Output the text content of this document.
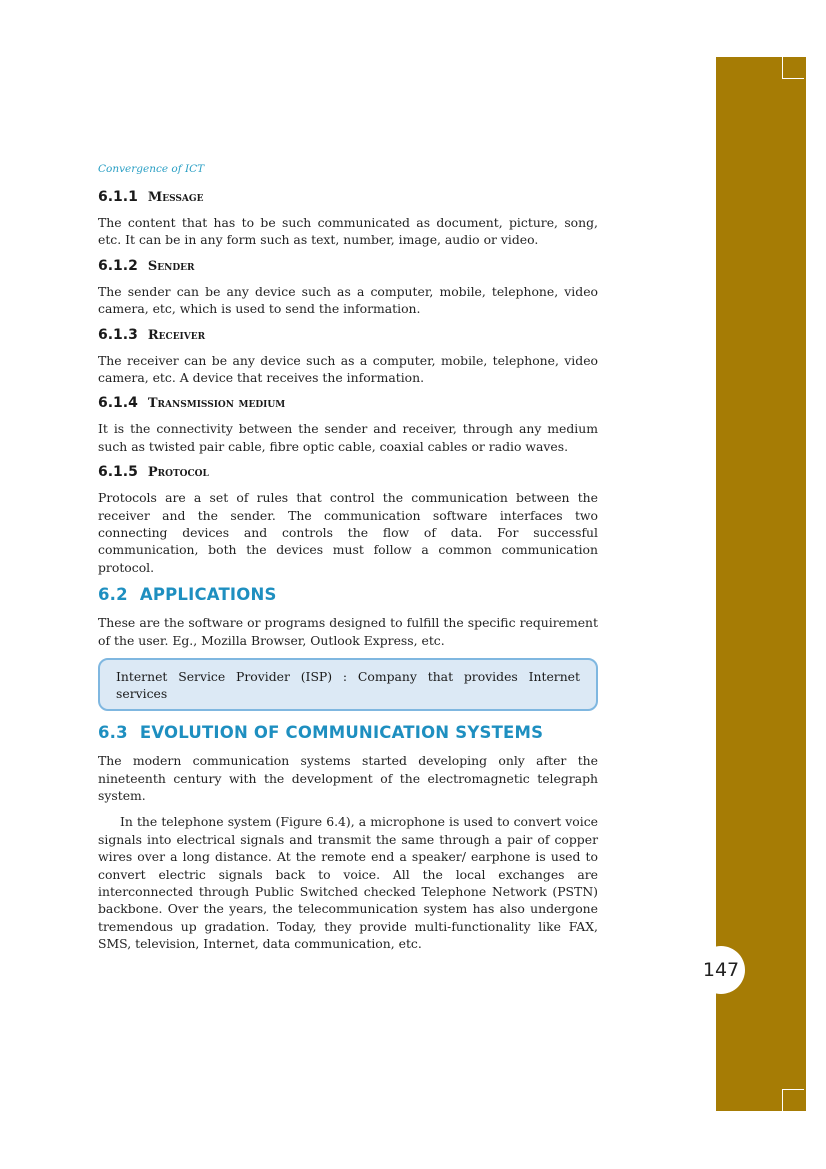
147
Convergence of ICT
6.1.1 Message

The content that has to be such communicated as document, picture, song, etc. It can be in any form such as text, number, image, audio or video.

6.1.2 Sender

The sender can be any device such as a computer, mobile, telephone, video camera, etc, which is used to send the information.

6.1.3 Receiver

The receiver can be any device such as a computer, mobile, telephone, video camera, etc. A device that receives the information.

6.1.4 Transmission medium

It is the connectivity between the sender and receiver, through any medium such as twisted pair cable, fibre optic cable, coaxial cables or radio waves.

6.1.5 Protocol

Protocols are a set of rules that control the communication between the receiver and the sender. The communication software interfaces two connecting devices and controls the flow of data. For successful communication, both the devices must follow a common communication protocol.

6.2 APPLICATIONS

These are the software or programs designed to fulfill the specific requirement of the user. Eg., Mozilla Browser, Outlook Express, etc.

Internet Service Provider (ISP) : Company that provides Internet services
6.3 EVOLUTION OF COMMUNICATION SYSTEMS

The modern communication systems started developing only after the nineteenth century with the development of the electromagnetic telegraph system.

In the telephone system (Figure 6.4), a microphone is used to convert voice signals into electrical signals and transmit the same through a pair of copper wires over a long distance. At the remote end a speaker/ earphone is used to convert electric signals back to voice. All the local exchanges are interconnected through Public Switched checked Telephone Network (PSTN) backbone. Over the years, the telecommunication system has also undergone tremendous up gradation. Today, they provide multi-functionality like FAX, SMS, television, Internet, data communication, etc.
